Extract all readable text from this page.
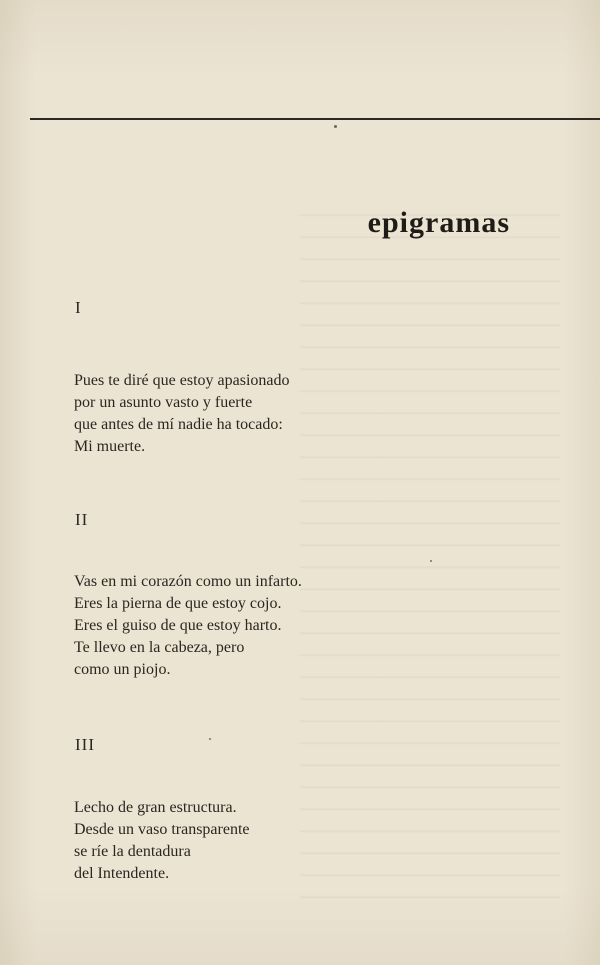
epigramas
I
Pues te diré que estoy apasionado
por un asunto vasto y fuerte
que antes de mí nadie ha tocado:
Mi muerte.
II
Vas en mi corazón como un infarto.
Eres la pierna de que estoy cojo.
Eres el guiso de que estoy harto.
Te llevo en la cabeza, pero
como un piojo.
III
Lecho de gran estructura.
Desde un vaso transparente
se ríe la dentadura
del Intendente.
